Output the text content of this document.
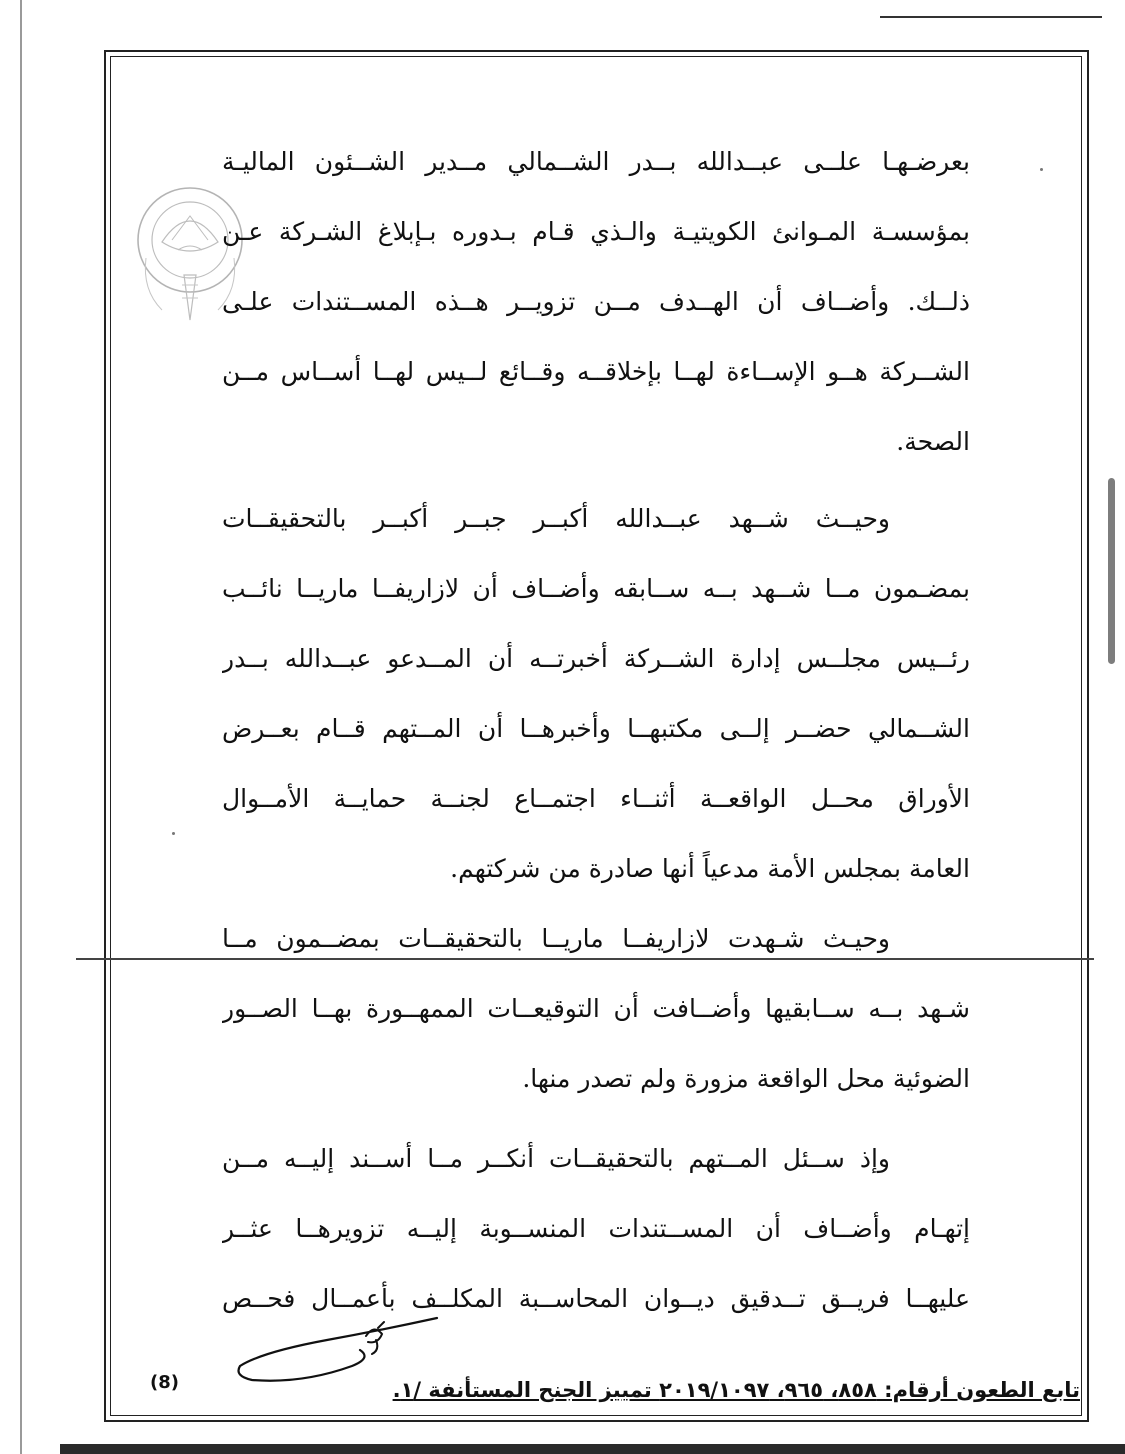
بعرضـهـا علــى عبــدالله بــدر الشــمالي مــدير الشــئون الماليـة
بمؤسسـة المـوانئ الكويتيـة والـذي قـام بـدوره بـإبلاغ الشـركة عـن
ذلــك. وأضــاف أن الهــدف مــن تزويــر هــذه المســتندات علـى
الشــركة هــو الإســاءة لهــا بإخلاقــه وقــائع لــيس لهــا أســاس مــن
الصحة.
وحيــث شــهد عبــدالله أكبــر جبــر أكبــر بالتحقيقــات
بمضـمون مــا شــهد بــه ســابقه وأضــاف أن لازاريفــا ماريــا نائــب
رئــيس مجلــس إدارة الشــركة أخبرتــه أن المــدعو عبــدالله بــدر
الشــمالي حضــر إلــى مكتبهــا وأخبرهــا أن المــتهم قــام بعــرض
الأوراق محــل الواقعــة أثنــاء اجتمــاع لجنــة حمايــة الأمــوال
العامة بمجلس الأمة مدعياً أنها صادرة من شركتهم.
وحيـث شـهدت لازاريفــا ماريــا بالتحقيقــات بمضــمون مــا
شـهد بــه ســابقيها وأضــافت أن التوقيعــات الممهــورة بهــا الصــور
الضوئية محل الواقعة مزورة ولم تصدر منها.
وإذ ســئل المــتهم بالتحقيقــات أنكــر مــا أســند إليــه مــن
إتهـام وأضــاف أن المســتندات المنســوبة إليــه تزويرهــا عثــر
عليهــا فريــق تــدقيق ديــوان المحاســبة المكلــف بأعمــال فحــص
(8)	تابع الطعون أرقام: ٨٥٨، ٩٦٥، ٢٠١٩/١٠٩٧ تمييز الجنح المستأنفة /١.
